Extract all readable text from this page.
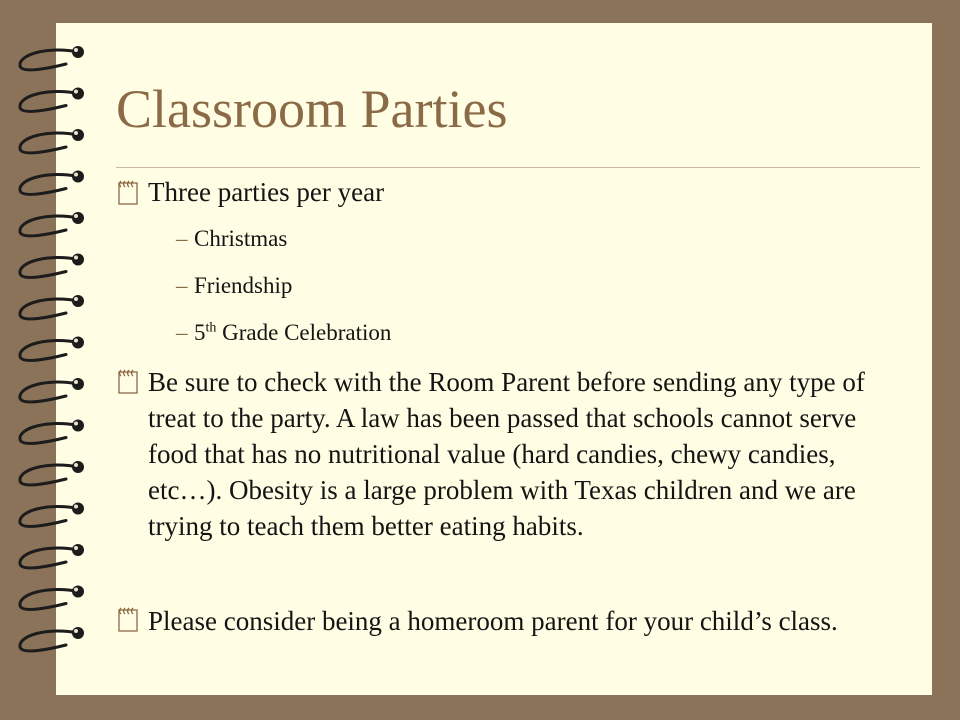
Classroom Parties
Three parties per year
– Christmas
– Friendship
– 5th Grade Celebration
Be sure to check with the Room Parent before sending any type of treat to the party. A law has been passed that schools cannot serve food that has no nutritional value (hard candies, chewy candies, etc…). Obesity is a large problem with Texas children and we are trying to teach them better eating habits.
Please consider being a homeroom parent for your child’s class.
